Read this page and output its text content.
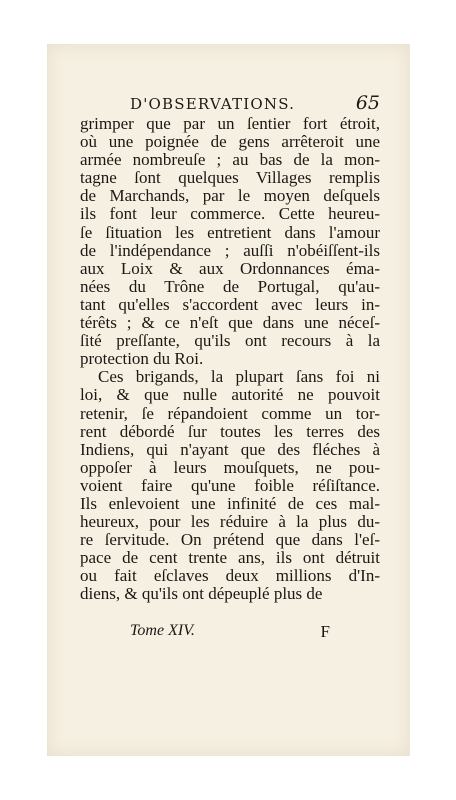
D'OBSERVATIONS.	65
grimper que par un ſentier fort étroit,
où une poignée de gens arrêteroit une
armée nombreuſe ; au bas de la mon-
tagne ſont quelques Villages remplis
de Marchands, par le moyen deſquels
ils font leur commerce. Cette heureu-
ſe ſituation les entretient dans l'amour
de l'indépendance ; auſſi n'obéiſſent-ils
aux Loix & aux Ordonnances éma-
nées du Trône de Portugal, qu'au-
tant qu'elles s'accordent avec leurs in-
térêts ; & ce n'eſt que dans une néceſ-
ſité preſſante, qu'ils ont recours à la
protection du Roi.
Ces brigands, la plupart ſans foi ni
loi, & que nulle autorité ne pouvoit
retenir, ſe répandoient comme un tor-
rent débordé ſur toutes les terres des
Indiens, qui n'ayant que des fléches à
oppoſer à leurs mouſquets, ne pou-
voient faire qu'une foible réſiſtance.
Ils enlevoient une infinité de ces mal-
heureux, pour les réduire à la plus du-
re ſervitude. On prétend que dans l'eſ-
pace de cent trente ans, ils ont détruit
ou fait eſclaves deux millions d'In-
diens, & qu'ils ont dépeuplé plus de
Tome XIV.	F
